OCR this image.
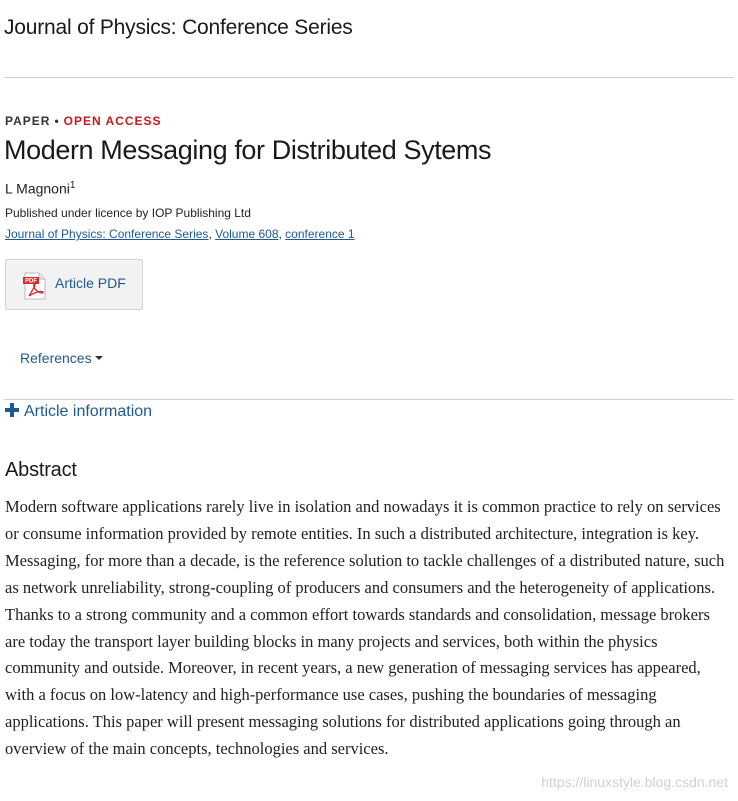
Journal of Physics: Conference Series
PAPER • OPEN ACCESS
Modern Messaging for Distributed Sytems
L Magnoni$^1$
Published under licence by IOP Publishing Ltd
Journal of Physics: Conference Series, Volume 608, conference 1
PDF Article PDF
References
Article information
Abstract

Modern software applications rarely live in isolation and nowadays it is common practice to rely on services or consume information provided by remote entities. In such a distributed architecture, integration is key. Messaging, for more than a decade, is the reference solution to tackle challenges of a distributed nature, such as network unreliability, strong-coupling of producers and consumers and the heterogeneity of applications. Thanks to a strong community and a common effort towards standards and consolidation, message brokers are today the transport layer building blocks in many projects and services, both within the physics community and outside. Moreover, in recent years, a new generation of messaging services has appeared, with a focus on low-latency and high-performance use cases, pushing the boundaries of messaging applications. This paper will present messaging solutions for distributed applications going through an overview of the main concepts, technologies and services.

https://linuxstyle.blog.csdn.net
